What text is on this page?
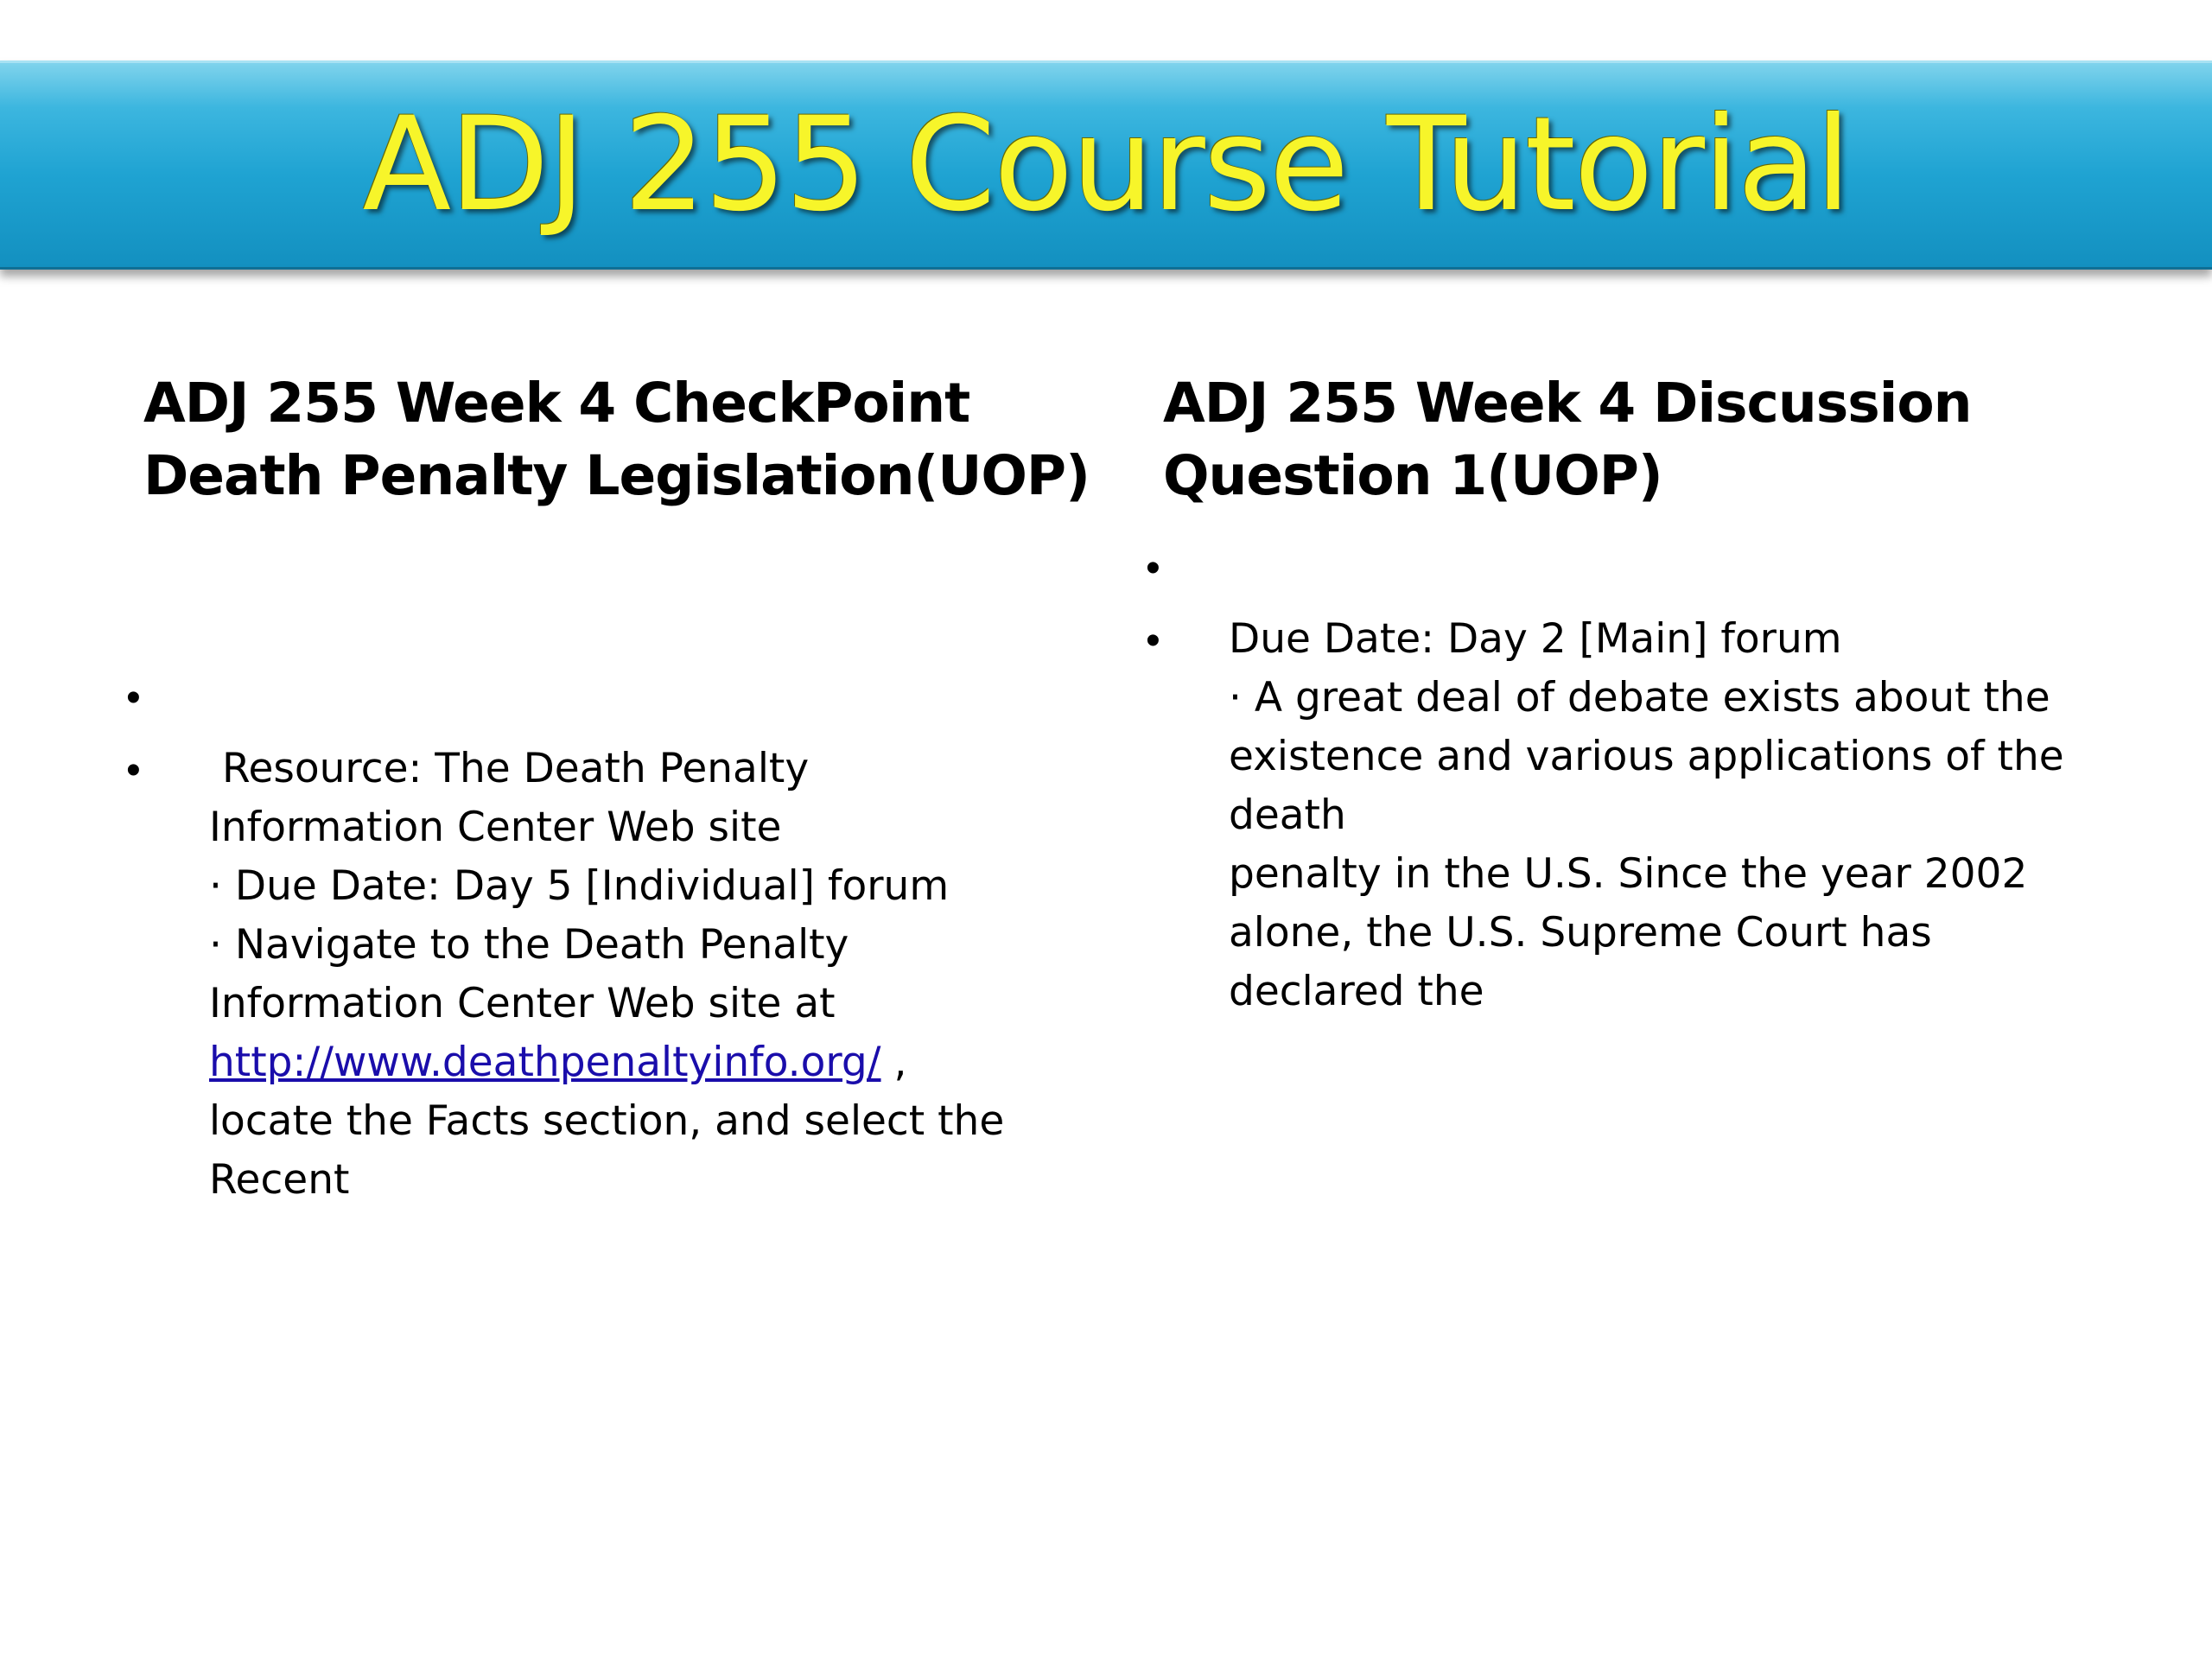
ADJ 255 Course Tutorial
ADJ 255 Week 4 CheckPoint
Death Penalty Legislation(UOP)
•
• Resource: The Death Penalty
Information Center Web site
· Due Date: Day 5 [Individual] forum
· Navigate to the Death Penalty
Information Center Web site at
http://www.deathpenaltyinfo.org/ ,
locate the Facts section, and select the
Recent
ADJ 255 Week 4 Discussion
Question 1(UOP)
•
• Due Date: Day 2 [Main] forum
· A great deal of debate exists about the
existence and various applications of the
death
penalty in the U.S. Since the year 2002
alone, the U.S. Supreme Court has
declared the
